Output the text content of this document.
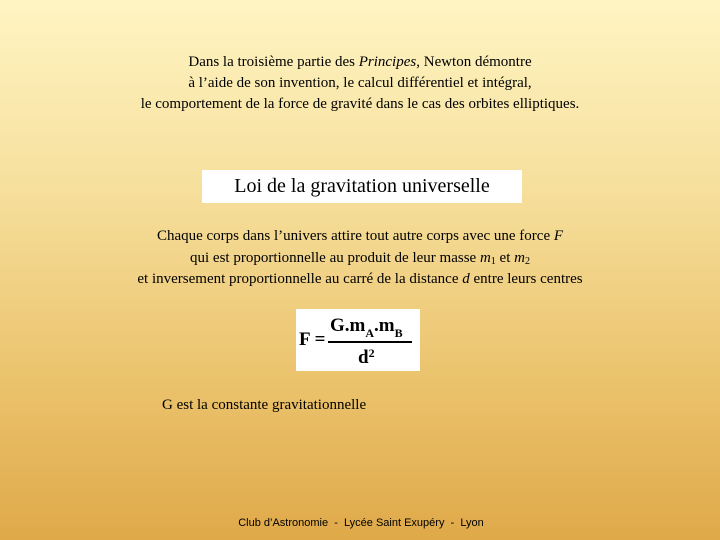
Dans la troisième partie des Principes, Newton démontre
à l’aide de son invention, le calcul différentiel et intégral,
le comportement de la force de gravité dans le cas des orbites elliptiques.
Loi de la gravitation universelle
Chaque corps dans l’univers attire tout autre corps avec une force F
qui est proportionnelle au produit de leur masse $m_1$ et $m_2$
et inversement proportionnelle au carré de la distance d entre leurs centres
F =
$G.m_A.m_B$
$d^2$
G est la constante gravitationnelle
Club d’Astronomie  -  Lycée Saint Exupéry  -  Lyon
